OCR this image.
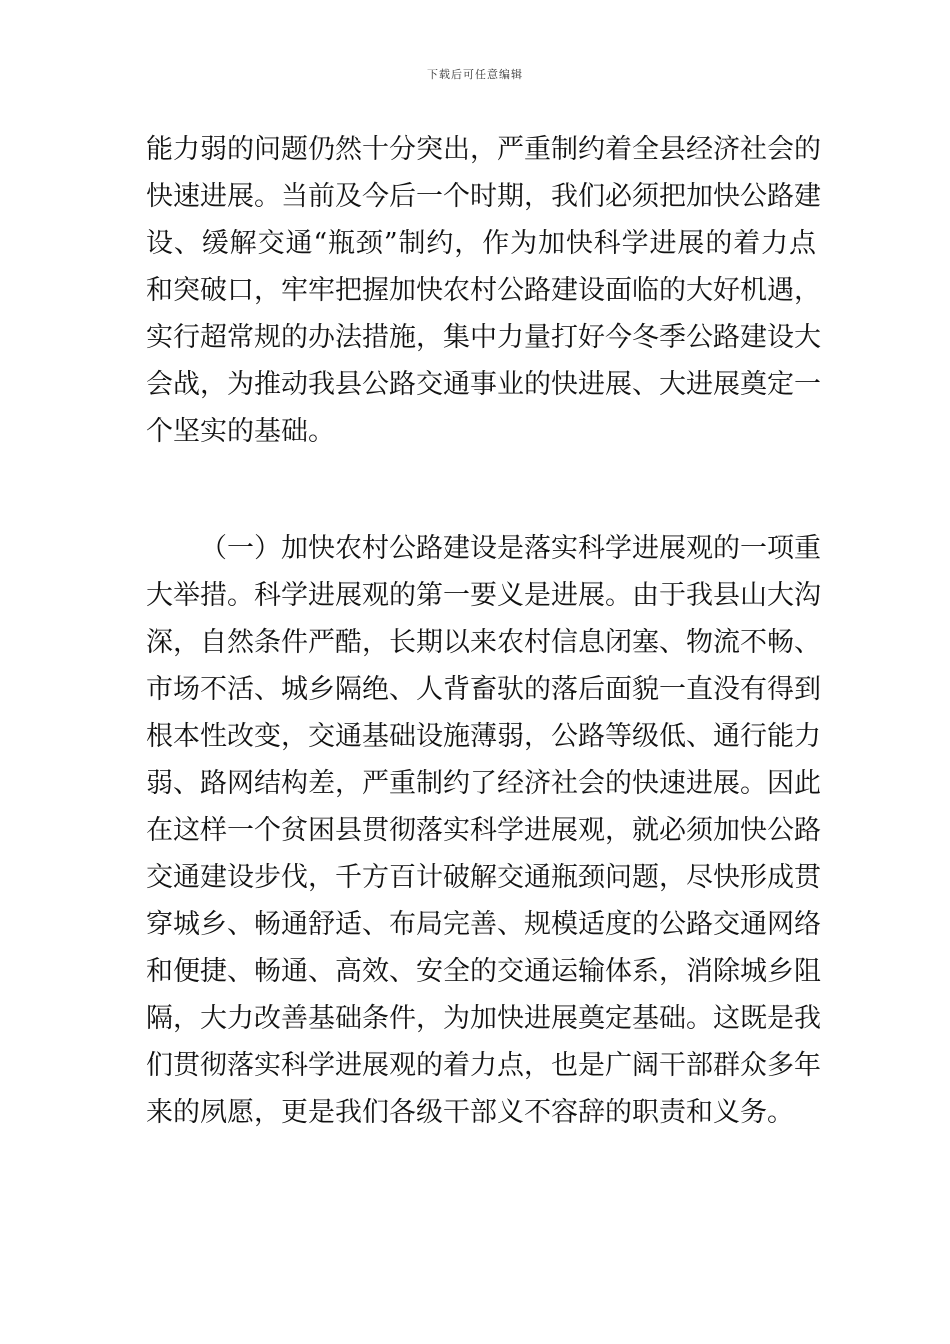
下载后可任意编辑
能力弱的问题仍然十分突出，严重制约着全县经济社会的
快速进展。当前及今后一个时期，我们必须把加快公路建
设、缓解交通“瓶颈”制约，作为加快科学进展的着力点
和突破口，牢牢把握加快农村公路建设面临的大好机遇，
实行超常规的办法措施，集中力量打好今冬季公路建设大
会战，为推动我县公路交通事业的快进展、大进展奠定一
个坚实的基础。
（一）加快农村公路建设是落实科学进展观的一项重
大举措。科学进展观的第一要义是进展。由于我县山大沟
深，自然条件严酷，长期以来农村信息闭塞、物流不畅、
市场不活、城乡隔绝、人背畜驮的落后面貌一直没有得到
根本性改变，交通基础设施薄弱，公路等级低、通行能力
弱、路网结构差，严重制约了经济社会的快速进展。因此
在这样一个贫困县贯彻落实科学进展观，就必须加快公路
交通建设步伐，千方百计破解交通瓶颈问题，尽快形成贯
穿城乡、畅通舒适、布局完善、规模适度的公路交通网络
和便捷、畅通、高效、安全的交通运输体系，消除城乡阻
隔，大力改善基础条件，为加快进展奠定基础。这既是我
们贯彻落实科学进展观的着力点，也是广阔干部群众多年
来的夙愿，更是我们各级干部义不容辞的职责和义务。
